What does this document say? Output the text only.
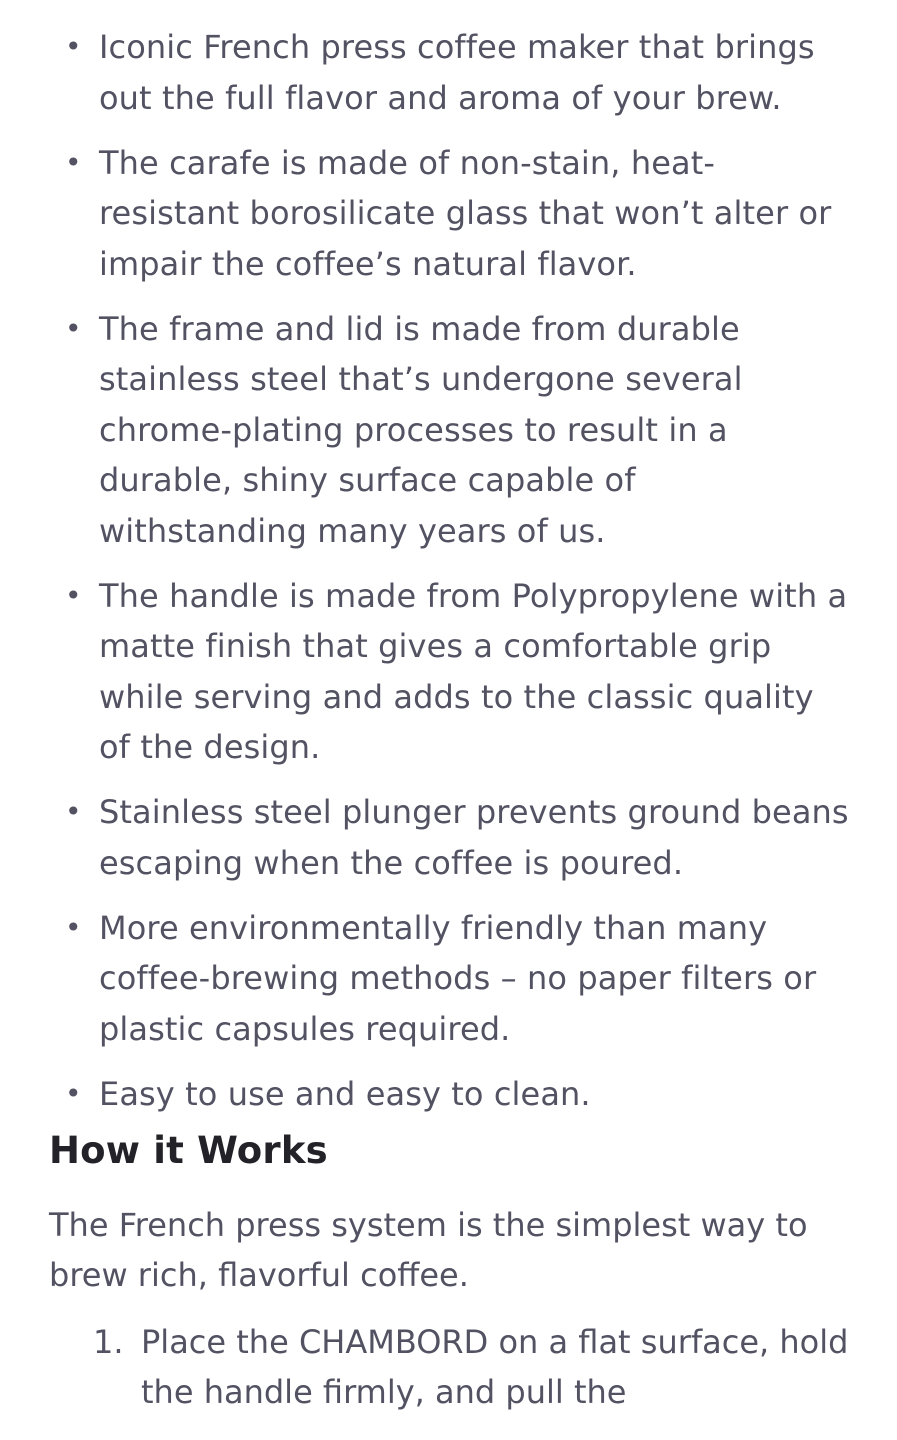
• Iconic French press coffee maker that brings out the full flavor and aroma of your brew.
• The carafe is made of non-stain, heat-resistant borosilicate glass that won’t alter or impair the coffee’s natural flavor.
• The frame and lid is made from durable stainless steel that’s undergone several chrome-plating processes to result in a durable, shiny surface capable of withstanding many years of us.
• The handle is made from Polypropylene with a matte finish that gives a comfortable grip while serving and adds to the classic quality of the design.
• Stainless steel plunger prevents ground beans escaping when the coffee is poured.
• More environmentally friendly than many coffee-brewing methods – no paper filters or plastic capsules required.
• Easy to use and easy to clean.
How it Works

The French press system is the simplest way to brew rich, flavorful coffee.

1. Place the CHAMBORD on a flat surface, hold the handle firmly, and pull the
